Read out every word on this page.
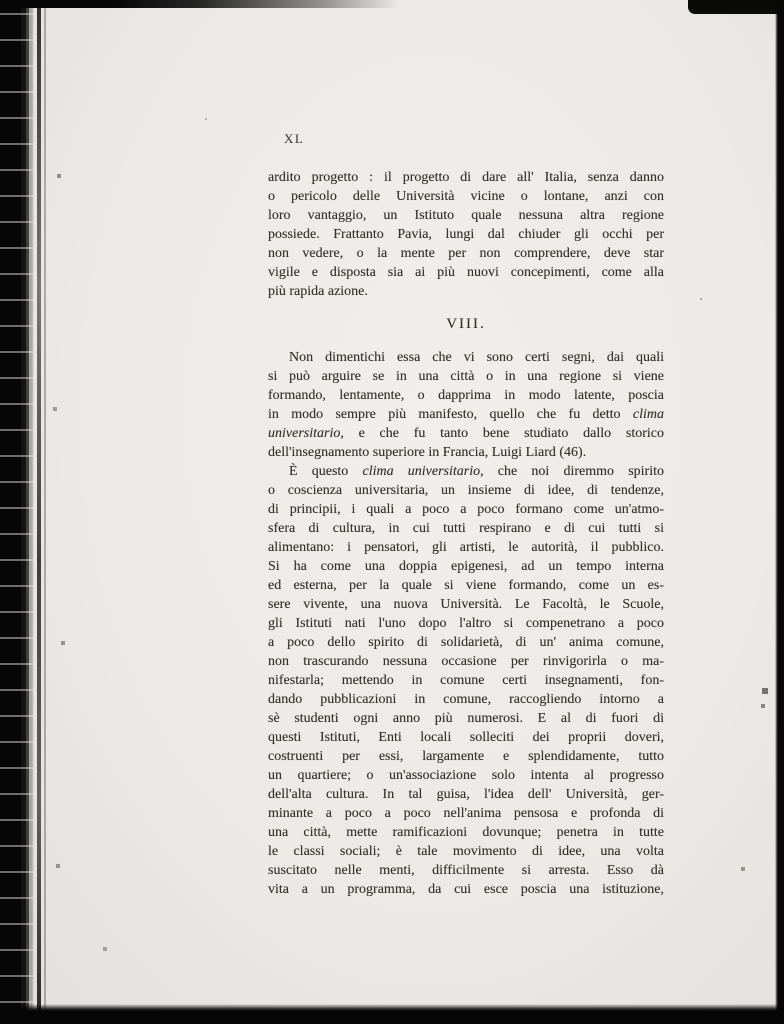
XL
ardito progetto : il progetto di dare all' Italia, senza danno
o pericolo delle Università vicine o lontane, anzi con
loro vantaggio, un Istituto quale nessuna altra regione
possiede. Frattanto Pavia, lungi dal chiuder gli occhi per
non vedere, o la mente per non comprendere, deve star
vigile e disposta sia ai più nuovi concepimenti, come alla
più rapida azione.
VIII.
Non dimentichi essa che vi sono certi segni, dai quali
si può arguire se in una città o in una regione si viene
formando, lentamente, o dapprima in modo latente, poscia
in modo sempre più manifesto, quello che fu detto clima
universitario, e che fu tanto bene studiato dallo storico
dell'insegnamento superiore in Francia, Luigi Liard (46).
È questo clima universitario, che noi diremmo spirito
o coscienza universitaria, un insieme di idee, di tendenze,
di principii, i quali a poco a poco formano come un'atmo-
sfera di cultura, in cui tutti respirano e di cui tutti si
alimentano: i pensatori, gli artisti, le autorità, il pubblico.
Si ha come una doppia epigenesi, ad un tempo interna
ed esterna, per la quale si viene formando, come un es-
sere vivente, una nuova Università. Le Facoltà, le Scuole,
gli Istituti nati l'uno dopo l'altro si compenetrano a poco
a poco dello spirito di solidarietà, di un' anima comune,
non trascurando nessuna occasione per rinvigorirla o ma-
nifestarla; mettendo in comune certi insegnamenti, fon-
dando pubblicazioni in comune, raccogliendo intorno a
sè studenti ogni anno più numerosi. E al di fuori di
questi Istituti, Enti locali solleciti dei proprii doveri,
costruenti per essi, largamente e splendidamente, tutto
un quartiere; o un'associazione solo intenta al progresso
dell'alta cultura. In tal guisa, l'idea dell' Università, ger-
minante a poco a poco nell'anima pensosa e profonda di
una città, mette ramificazioni dovunque; penetra in tutte
le classi sociali; è tale movimento di idee, una volta
suscitato nelle menti, difficilmente si arresta. Esso dà
vita a un programma, da cui esce poscia una istituzione,
